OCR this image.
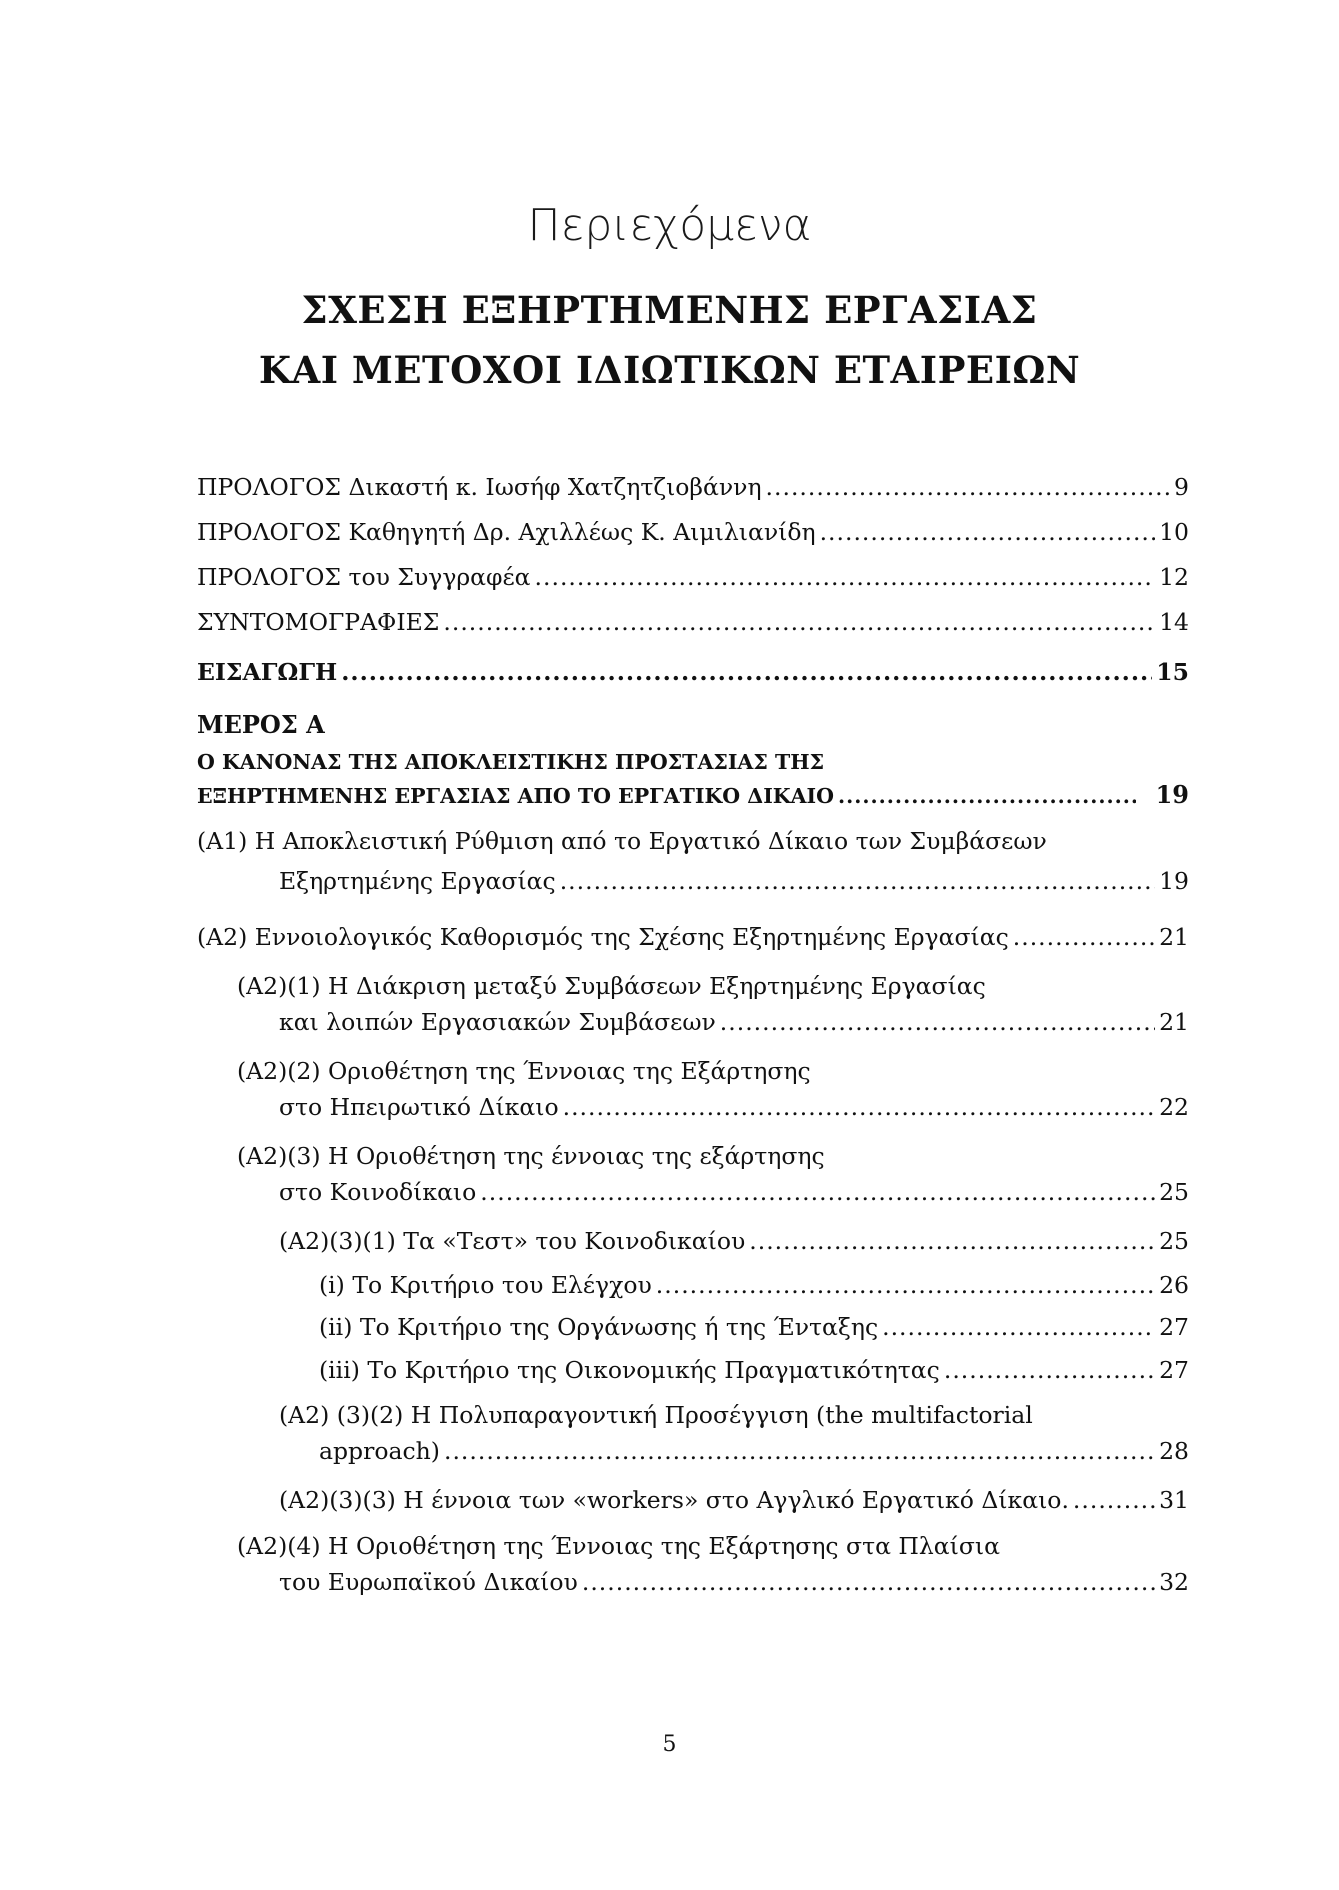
Περιεχόμενα
ΣΧΕΣΗ ΕΞΗΡΤΗΜΕΝΗΣ ΕΡΓΑΣΙΑΣ
ΚΑΙ ΜΕΤΟΧΟΙ ΙΔΙΩΤΙΚΩΝ ΕΤΑΙΡΕΙΩΝ
ΠΡΟΛΟΓΟΣ Δικαστή κ. Ιωσήφ Χατζητζιοβάννη .....	9
ΠΡΟΛΟΓΟΣ Καθηγητή Δρ. Αχιλλέως Κ. Αιμιλιανίδη .....	10
ΠΡΟΛΟΓΟΣ του Συγγραφέα .....	12
ΣΥΝΤΟΜΟΓΡΑΦΙΕΣ .....	14
ΕΙΣΑΓΩΓΗ .....	15
ΜΕΡΟΣ Α
Ο ΚΑΝΟΝΑΣ ΤΗΣ ΑΠΟΚΛΕΙΣΤΙΚΗΣ ΠΡΟΣΤΑΣΙΑΣ ΤΗΣ
ΕΞΗΡΤΗΜΕΝΗΣ ΕΡΓΑΣΙΑΣ ΑΠΟ ΤΟ ΕΡΓΑΤΙΚΟ ΔΙΚΑΙΟ .....	19
(Α1) Η Αποκλειστική Ρύθμιση από το Εργατικό Δίκαιο των Συμβάσεων
Εξηρτημένης Εργασίας .....	19
(Α2) Εννοιολογικός Καθορισμός της Σχέσης Εξηρτημένης Εργασίας .....	21
(Α2)(1) Η Διάκριση μεταξύ Συμβάσεων Εξηρτημένης Εργασίας
και λοιπών Εργασιακών Συμβάσεων .....	21
(Α2)(2) Οριοθέτηση της Έννοιας της Εξάρτησης
στο Ηπειρωτικό Δίκαιο .....	22
(Α2)(3) Η Οριοθέτηση της έννοιας της εξάρτησης
στο Κοινοδίκαιο .....	25
(Α2)(3)(1) Τα «Τεστ» του Κοινοδικαίου .....	25
(i) Το Κριτήριο του Ελέγχου .....	26
(ii) Το Κριτήριο της Οργάνωσης ή της Ένταξης .....	27
(iii) Το Κριτήριο της Οικονομικής Πραγματικότητας .....	27
(Α2) (3)(2) Η Πολυπαραγοντική Προσέγγιση (the multifactorial
approach) .....	28
(Α2)(3)(3) Η έννοια των «workers» στο Αγγλικό Εργατικό Δίκαιο. .....	31
(Α2)(4) Η Οριοθέτηση της Έννοιας της Εξάρτησης στα Πλαίσια
του Ευρωπαϊκού Δικαίου .....	32
5
